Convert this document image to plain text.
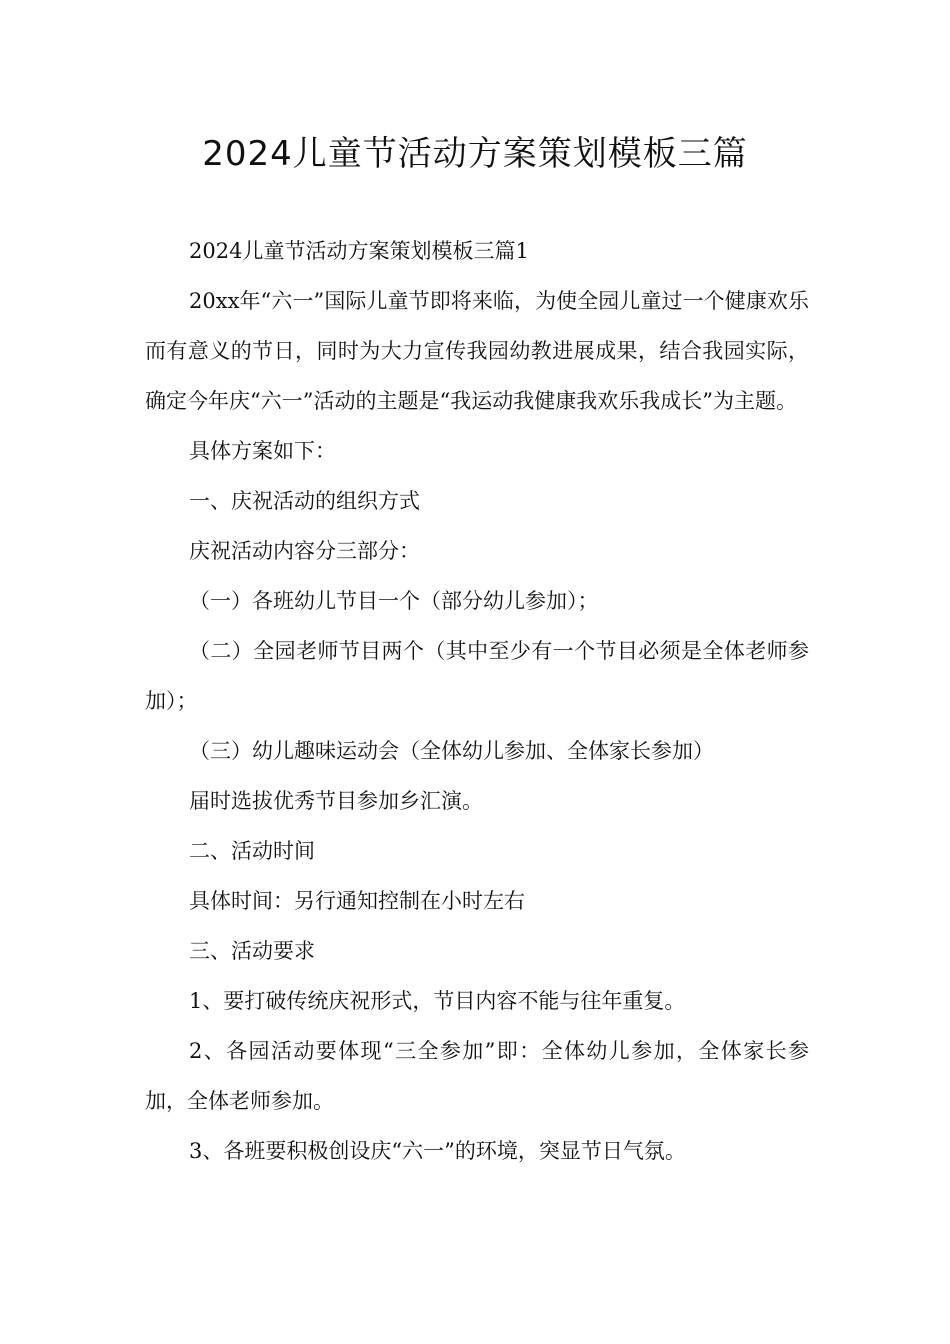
2024儿童节活动方案策划模板三篇

2024儿童节活动方案策划模板三篇1

20xx年“六一”国际儿童节即将来临，为使全园儿童过一个健康欢乐而有意义的节日，同时为大力宣传我园幼教进展成果，结合我园实际，确定今年庆“六一”活动的主题是“我运动我健康我欢乐我成长”为主题。

具体方案如下：

一、庆祝活动的组织方式

庆祝活动内容分三部分：

（一）各班幼儿节目一个（部分幼儿参加）；

（二）全园老师节目两个（其中至少有一个节目必须是全体老师参加）；

（三）幼儿趣味运动会（全体幼儿参加、全体家长参加）

届时选拔优秀节目参加乡汇演。

二、活动时间

具体时间：另行通知控制在小时左右

三、活动要求

1、要打破传统庆祝形式，节目内容不能与往年重复。

2、各园活动要体现“三全参加”即：全体幼儿参加，全体家长参加，全体老师参加。

3、各班要积极创设庆“六一”的环境，突显节日气氛。
